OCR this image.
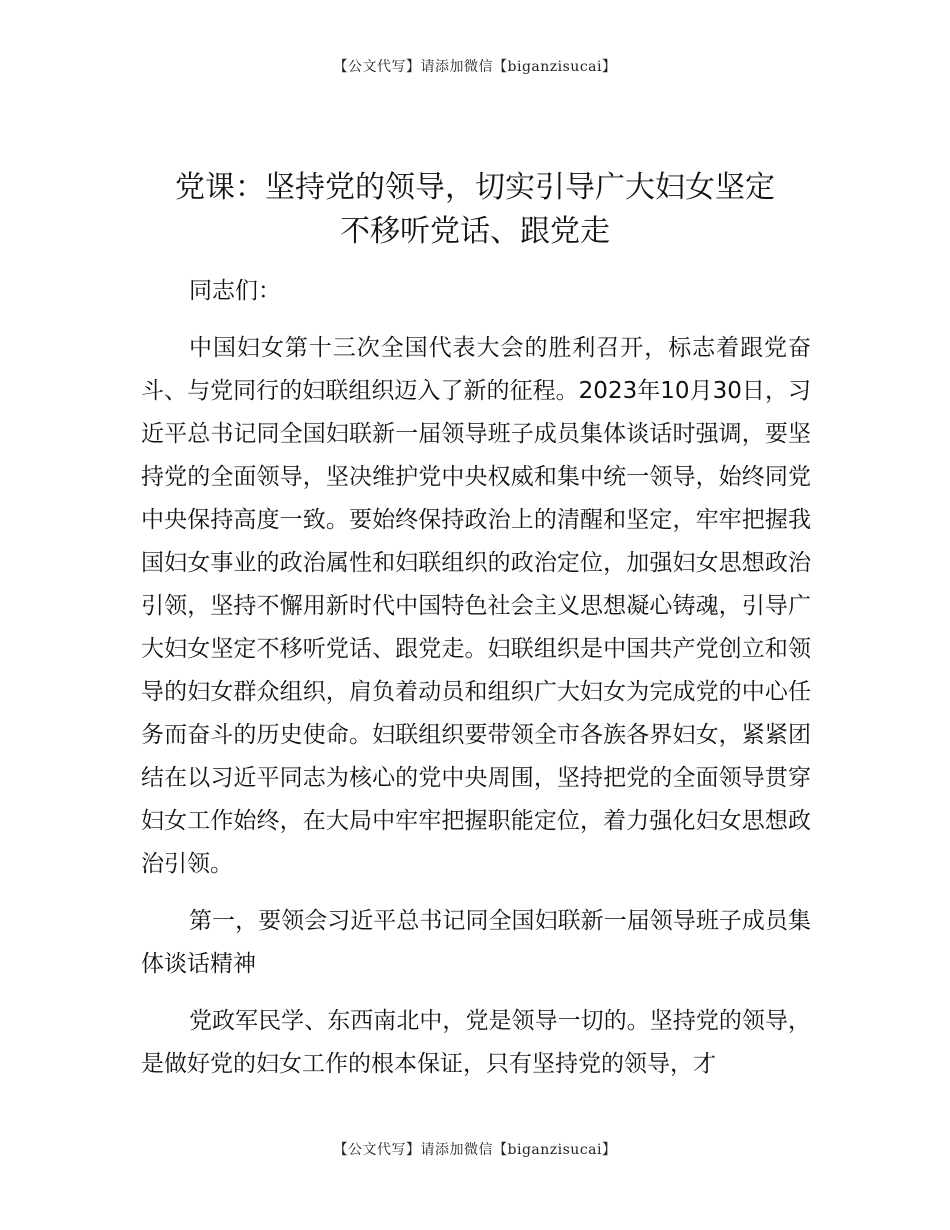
【公文代写】请添加微信【biganzisucai】
党课：坚持党的领导，切实引导广大妇女坚定
不移听党话、跟党走

同志们：

中国妇女第十三次全国代表大会的胜利召开，标志着跟党奋斗、与党同行的妇联组织迈入了新的征程。2023年10月30日，习近平总书记同全国妇联新一届领导班子成员集体谈话时强调，要坚持党的全面领导，坚决维护党中央权威和集中统一领导，始终同党中央保持高度一致。要始终保持政治上的清醒和坚定，牢牢把握我国妇女事业的政治属性和妇联组织的政治定位，加强妇女思想政治引领，坚持不懈用新时代中国特色社会主义思想凝心铸魂，引导广大妇女坚定不移听党话、跟党走。妇联组织是中国共产党创立和领导的妇女群众组织，肩负着动员和组织广大妇女为完成党的中心任务而奋斗的历史使命。妇联组织要带领全市各族各界妇女，紧紧团结在以习近平同志为核心的党中央周围，坚持把党的全面领导贯穿妇女工作始终，在大局中牢牢把握职能定位，着力强化妇女思想政治引领。

第一，要领会习近平总书记同全国妇联新一届领导班子成员集体谈话精神

党政军民学、东西南北中，党是领导一切的。坚持党的领导，是做好党的妇女工作的根本保证，只有坚持党的领导，才

【公文代写】请添加微信【biganzisucai】
